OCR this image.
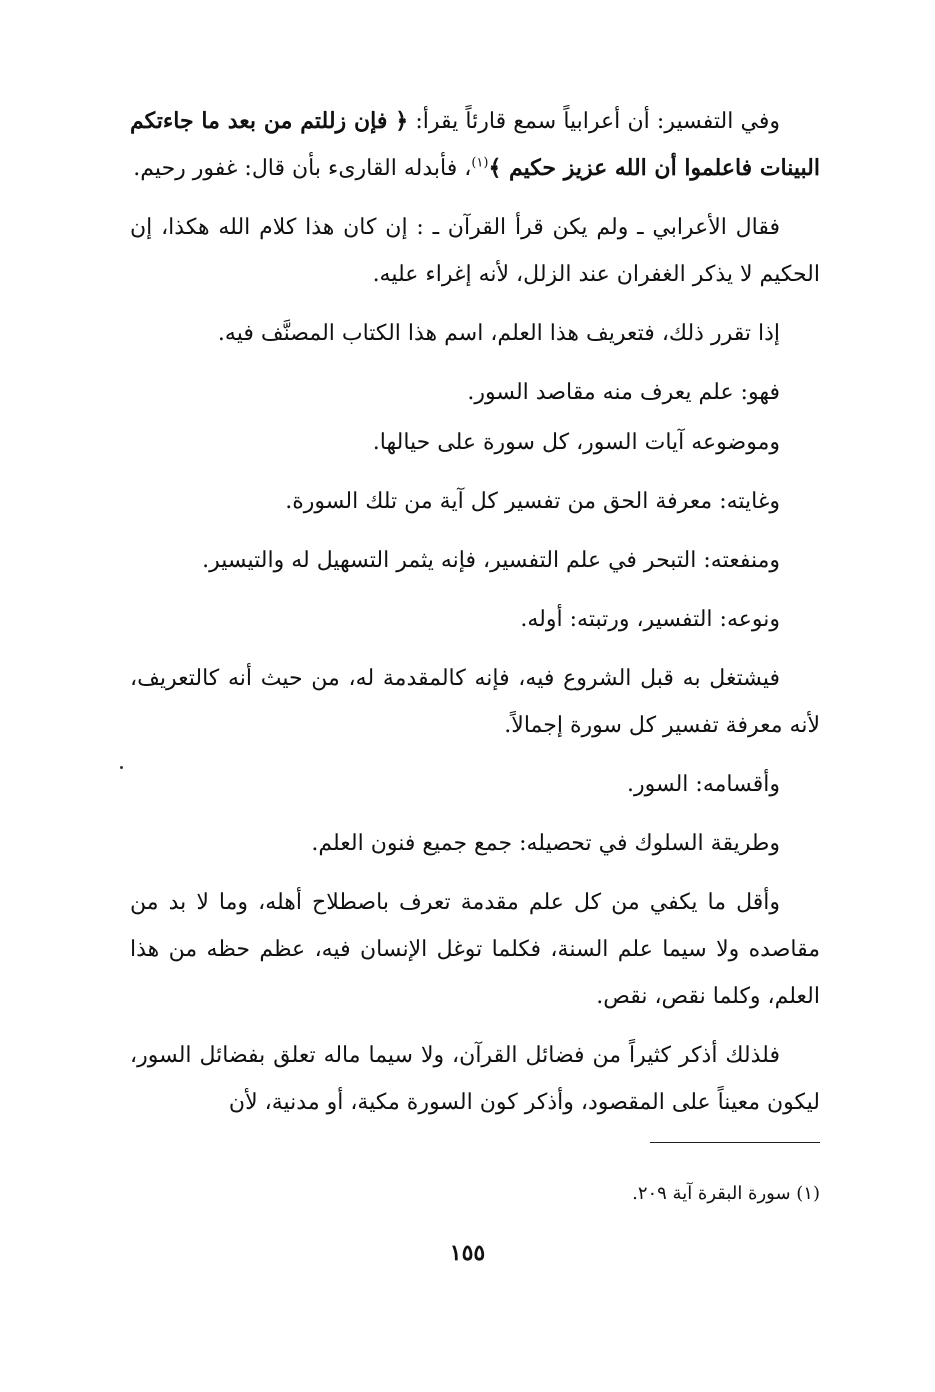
وفي التفسير: أن أعرابياً سمع قارئاً يقرأ: ﴿ فإن زللتم من بعد ما جاءتكم البينات فاعلموا أن الله عزيز حكيم ﴾$^{(١)}$، فأبدله القارىء بأن قال: غفور رحيم.

فقال الأعرابي ـ ولم يكن قرأ القرآن ـ : إن كان هذا كلام الله هكذا، إن الحكيم لا يذكر الغفران عند الزلل، لأنه إغراء عليه.

إذا تقرر ذلك، فتعريف هذا العلم، اسم هذا الكتاب المصنَّف فيه.

فهو: علم يعرف منه مقاصد السور.

وموضوعه آيات السور، كل سورة على حيالها.

وغايته: معرفة الحق من تفسير كل آية من تلك السورة.

ومنفعته: التبحر في علم التفسير، فإنه يثمر التسهيل له والتيسير.

ونوعه: التفسير، ورتبته: أوله.

فيشتغل به قبل الشروع فيه، فإنه كالمقدمة له، من حيث أنه كالتعريف، لأنه معرفة تفسير كل سورة إجمالاً.

وأقسامه: السور.

وطريقة السلوك في تحصيله: جمع جميع فنون العلم.

وأقل ما يكفي من كل علم مقدمة تعرف باصطلاح أهله، وما لا بد من مقاصده ولا سيما علم السنة، فكلما توغل الإنسان فيه، عظم حظه من هذا العلم، وكلما نقص، نقص.

فلذلك أذكر كثيراً من فضائل القرآن، ولا سيما ماله تعلق بفضائل السور، ليكون معيناً على المقصود، وأذكر كون السورة مكية، أو مدنية، لأن

(١) سورة البقرة آية ٢٠٩.
١٥٥
